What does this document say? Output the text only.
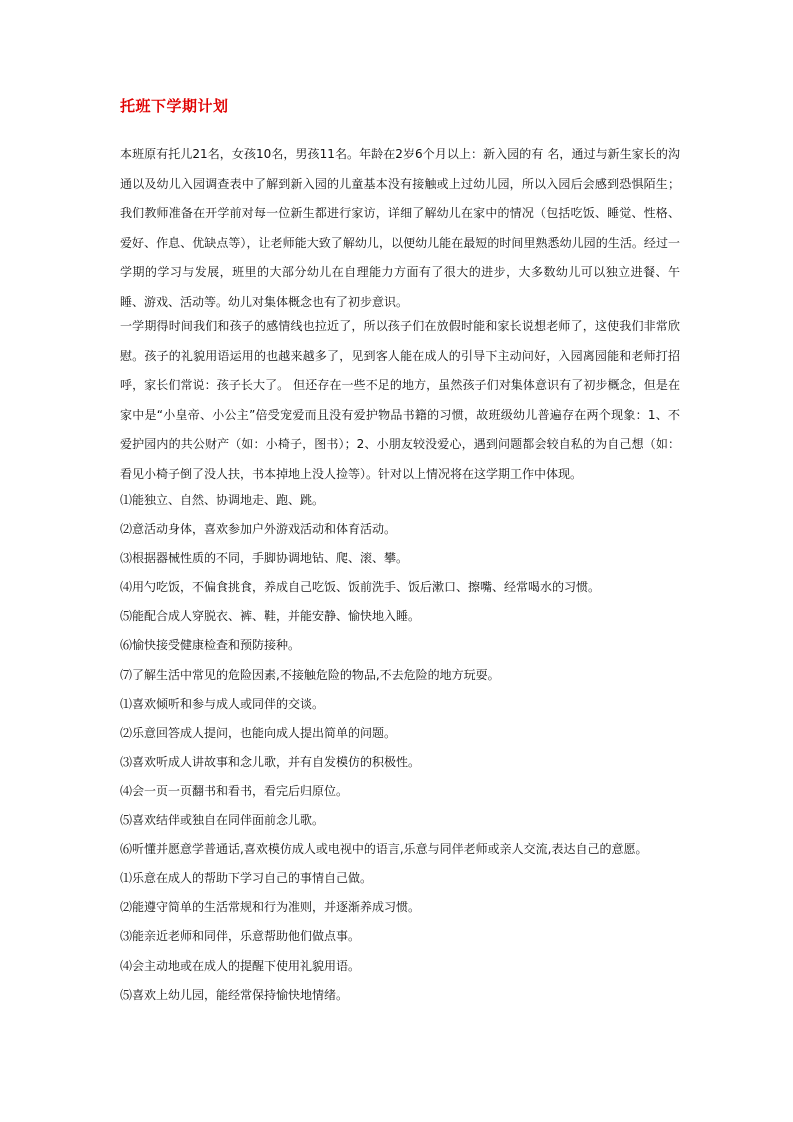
托班下学期计划

本班原有托儿21名，女孩10名，男孩11名。年龄在2岁6个月以上：新入园的有 名，通过与新生家长的沟通以及幼儿入园调查表中了解到新入园的儿童基本没有接触或上过幼儿园，所以入园后会感到恐惧陌生；我们教师准备在开学前对每一位新生都进行家访，详细了解幼儿在家中的情况（包括吃饭、睡觉、性格、爱好、作息、优缺点等），让老师能大致了解幼儿，以便幼儿能在最短的时间里熟悉幼儿园的生活。经过一学期的学习与发展，班里的大部分幼儿在自理能力方面有了很大的进步，大多数幼儿可以独立进餐、午睡、游戏、活动等。幼儿对集体概念也有了初步意识。

一学期得时间我们和孩子的感情线也拉近了，所以孩子们在放假时能和家长说想老师了，这使我们非常欣慰。孩子的礼貌用语运用的也越来越多了，见到客人能在成人的引导下主动问好，入园离园能和老师打招呼，家长们常说：孩子长大了。 但还存在一些不足的地方，虽然孩子们对集体意识有了初步概念，但是在家中是“小皇帝、小公主”倍受宠爱而且没有爱护物品书籍的习惯，故班级幼儿普遍存在两个现象：1、不爱护园内的共公财产（如：小椅子，图书）；2、小朋友较没爱心，遇到问题都会较自私的为自己想（如：看见小椅子倒了没人扶，书本掉地上没人捡等）。针对以上情况将在这学期工作中体现。

⑴能独立、自然、协调地走、跑、跳。
⑵意活动身体，喜欢参加户外游戏活动和体育活动。
⑶根据器械性质的不同，手脚协调地钻、爬、滚、攀。
⑷用勺吃饭，不偏食挑食，养成自己吃饭、饭前洗手、饭后漱口、擦嘴、经常喝水的习惯。
⑸能配合成人穿脱衣、裤、鞋，并能安静、愉快地入睡。
⑹愉快接受健康检查和预防接种。
⑺了解生活中常见的危险因素,不接触危险的物品,不去危险的地方玩耍。
⑴喜欢倾听和参与成人或同伴的交谈。
⑵乐意回答成人提问，也能向成人提出简单的问题。
⑶喜欢听成人讲故事和念儿歌，并有自发模仿的积极性。
⑷会一页一页翻书和看书，看完后归原位。
⑸喜欢结伴或独自在同伴面前念儿歌。
⑹听懂并愿意学普通话,喜欢模仿成人或电视中的语言,乐意与同伴老师或亲人交流,表达自己的意愿。
⑴乐意在成人的帮助下学习自己的事情自己做。
⑵能遵守简单的生活常规和行为准则，并逐渐养成习惯。
⑶能亲近老师和同伴，乐意帮助他们做点事。
⑷会主动地或在成人的提醒下使用礼貌用语。
⑸喜欢上幼儿园，能经常保持愉快地情绪。
